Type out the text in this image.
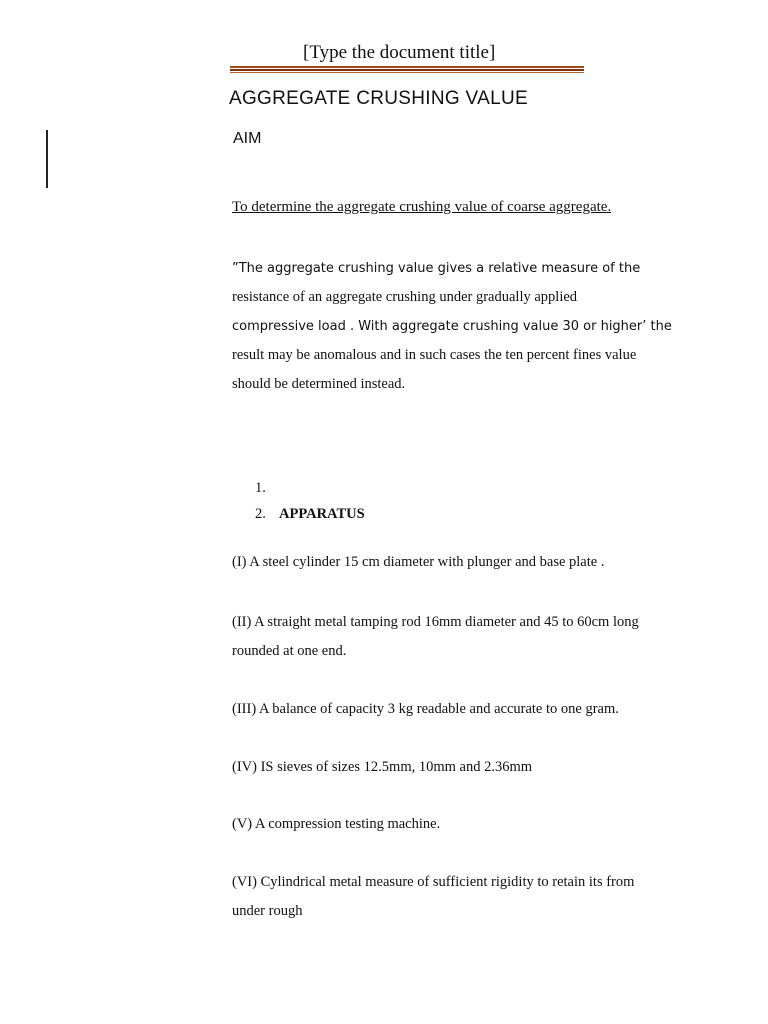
[Type the document title]
AGGREGATE CRUSHING VALUE
AIM
To determine the aggregate crushing value of coarse aggregate.
”The aggregate crushing value gives a relative measure of the
resistance of an aggregate crushing under gradually applied
compressive load . With aggregate crushing value 30 or higher’ the
result may be anomalous and in such cases the ten percent fines value
should be determined instead.
1.
2. APPARATUS
(I) A steel cylinder 15 cm diameter with plunger and base plate .
(II) A straight metal tamping rod 16mm diameter and 45 to 60cm long
rounded at one end.
(III) A balance of capacity 3 kg readable and accurate to one gram.
(IV) IS sieves of sizes 12.5mm, 10mm and 2.36mm
(V) A compression testing machine.
(VI) Cylindrical metal measure of sufficient rigidity to retain its from
under rough
